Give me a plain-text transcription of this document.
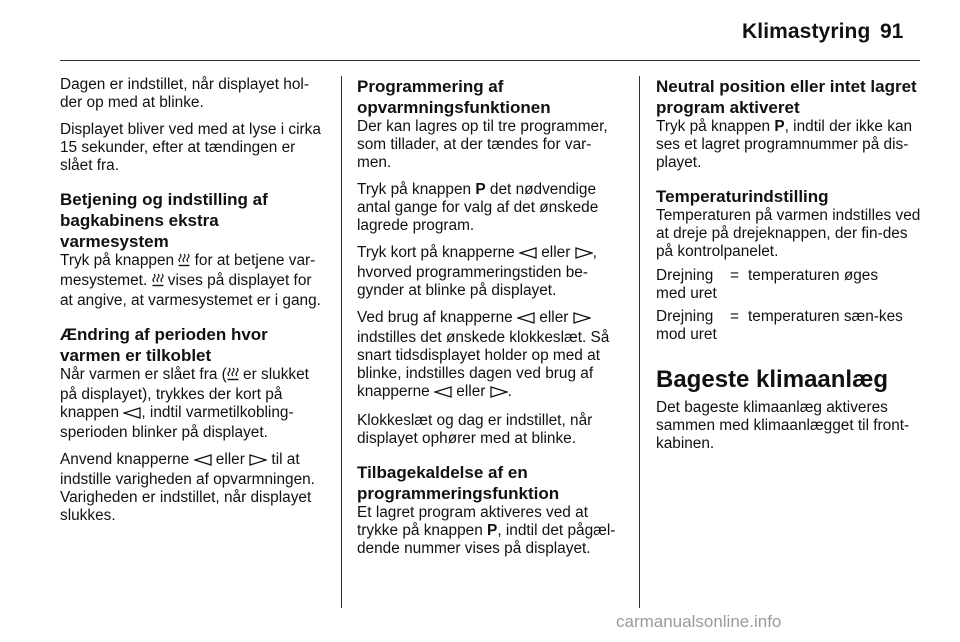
Klimastyring 91

Dagen er indstillet, når displayet hol-der op med at blinke.

Displayet bliver ved med at lyse i cirka 15 sekunder, efter at tændingen er slået fra.

Betjening og indstilling af bagkabinens ekstra varmesystem

Tryk på knappen  for at betjene var-mesystemet.  vises på displayet for at angive, at varmesystemet er i gang.

Ændring af perioden hvor varmen er tilkoblet

Når varmen er slået fra ( er slukket på displayet), trykkes der kort på knappen , indtil varmetilkobling-sperioden blinker på displayet.

Anvend knapperne  eller  til at indstille varigheden af opvarmningen. Varigheden er indstillet, når displayet slukkes.

Programmering af opvarmningsfunktionen

Der kan lagres op til tre programmer, som tillader, at der tændes for var-men.

Tryk på knappen P det nødvendige antal gange for valg af det ønskede lagrede program.

Tryk kort på knapperne  eller , hvorved programmeringstiden be-gynder at blinke på displayet.

Ved brug af knapperne  eller  indstilles det ønskede klokkeslæt. Så snart tidsdisplayet holder op med at blinke, indstilles dagen ved brug af knapperne  eller .

Klokkeslæt og dag er indstillet, når displayet ophører med at blinke.

Tilbagekaldelse af en programmeringsfunktion

Et lagret program aktiveres ved at trykke på knappen P, indtil det pågæl-dende nummer vises på displayet.

Neutral position eller intet lagret program aktiveret

Tryk på knappen P, indtil der ikke kan ses et lagret programnummer på dis-playet.

Temperaturindstilling

Temperaturen på varmen indstilles ved at dreje på drejeknappen, der fin-des på kontrolpanelet.

Drejning med uret	=	temperaturen øges
Drejning mod uret	=	temperaturen sæn-kes
Bageste klimaanlæg

Det bageste klimaanlæg aktiveres sammen med klimaanlægget til front-kabinen.

carmanualsonline.info
